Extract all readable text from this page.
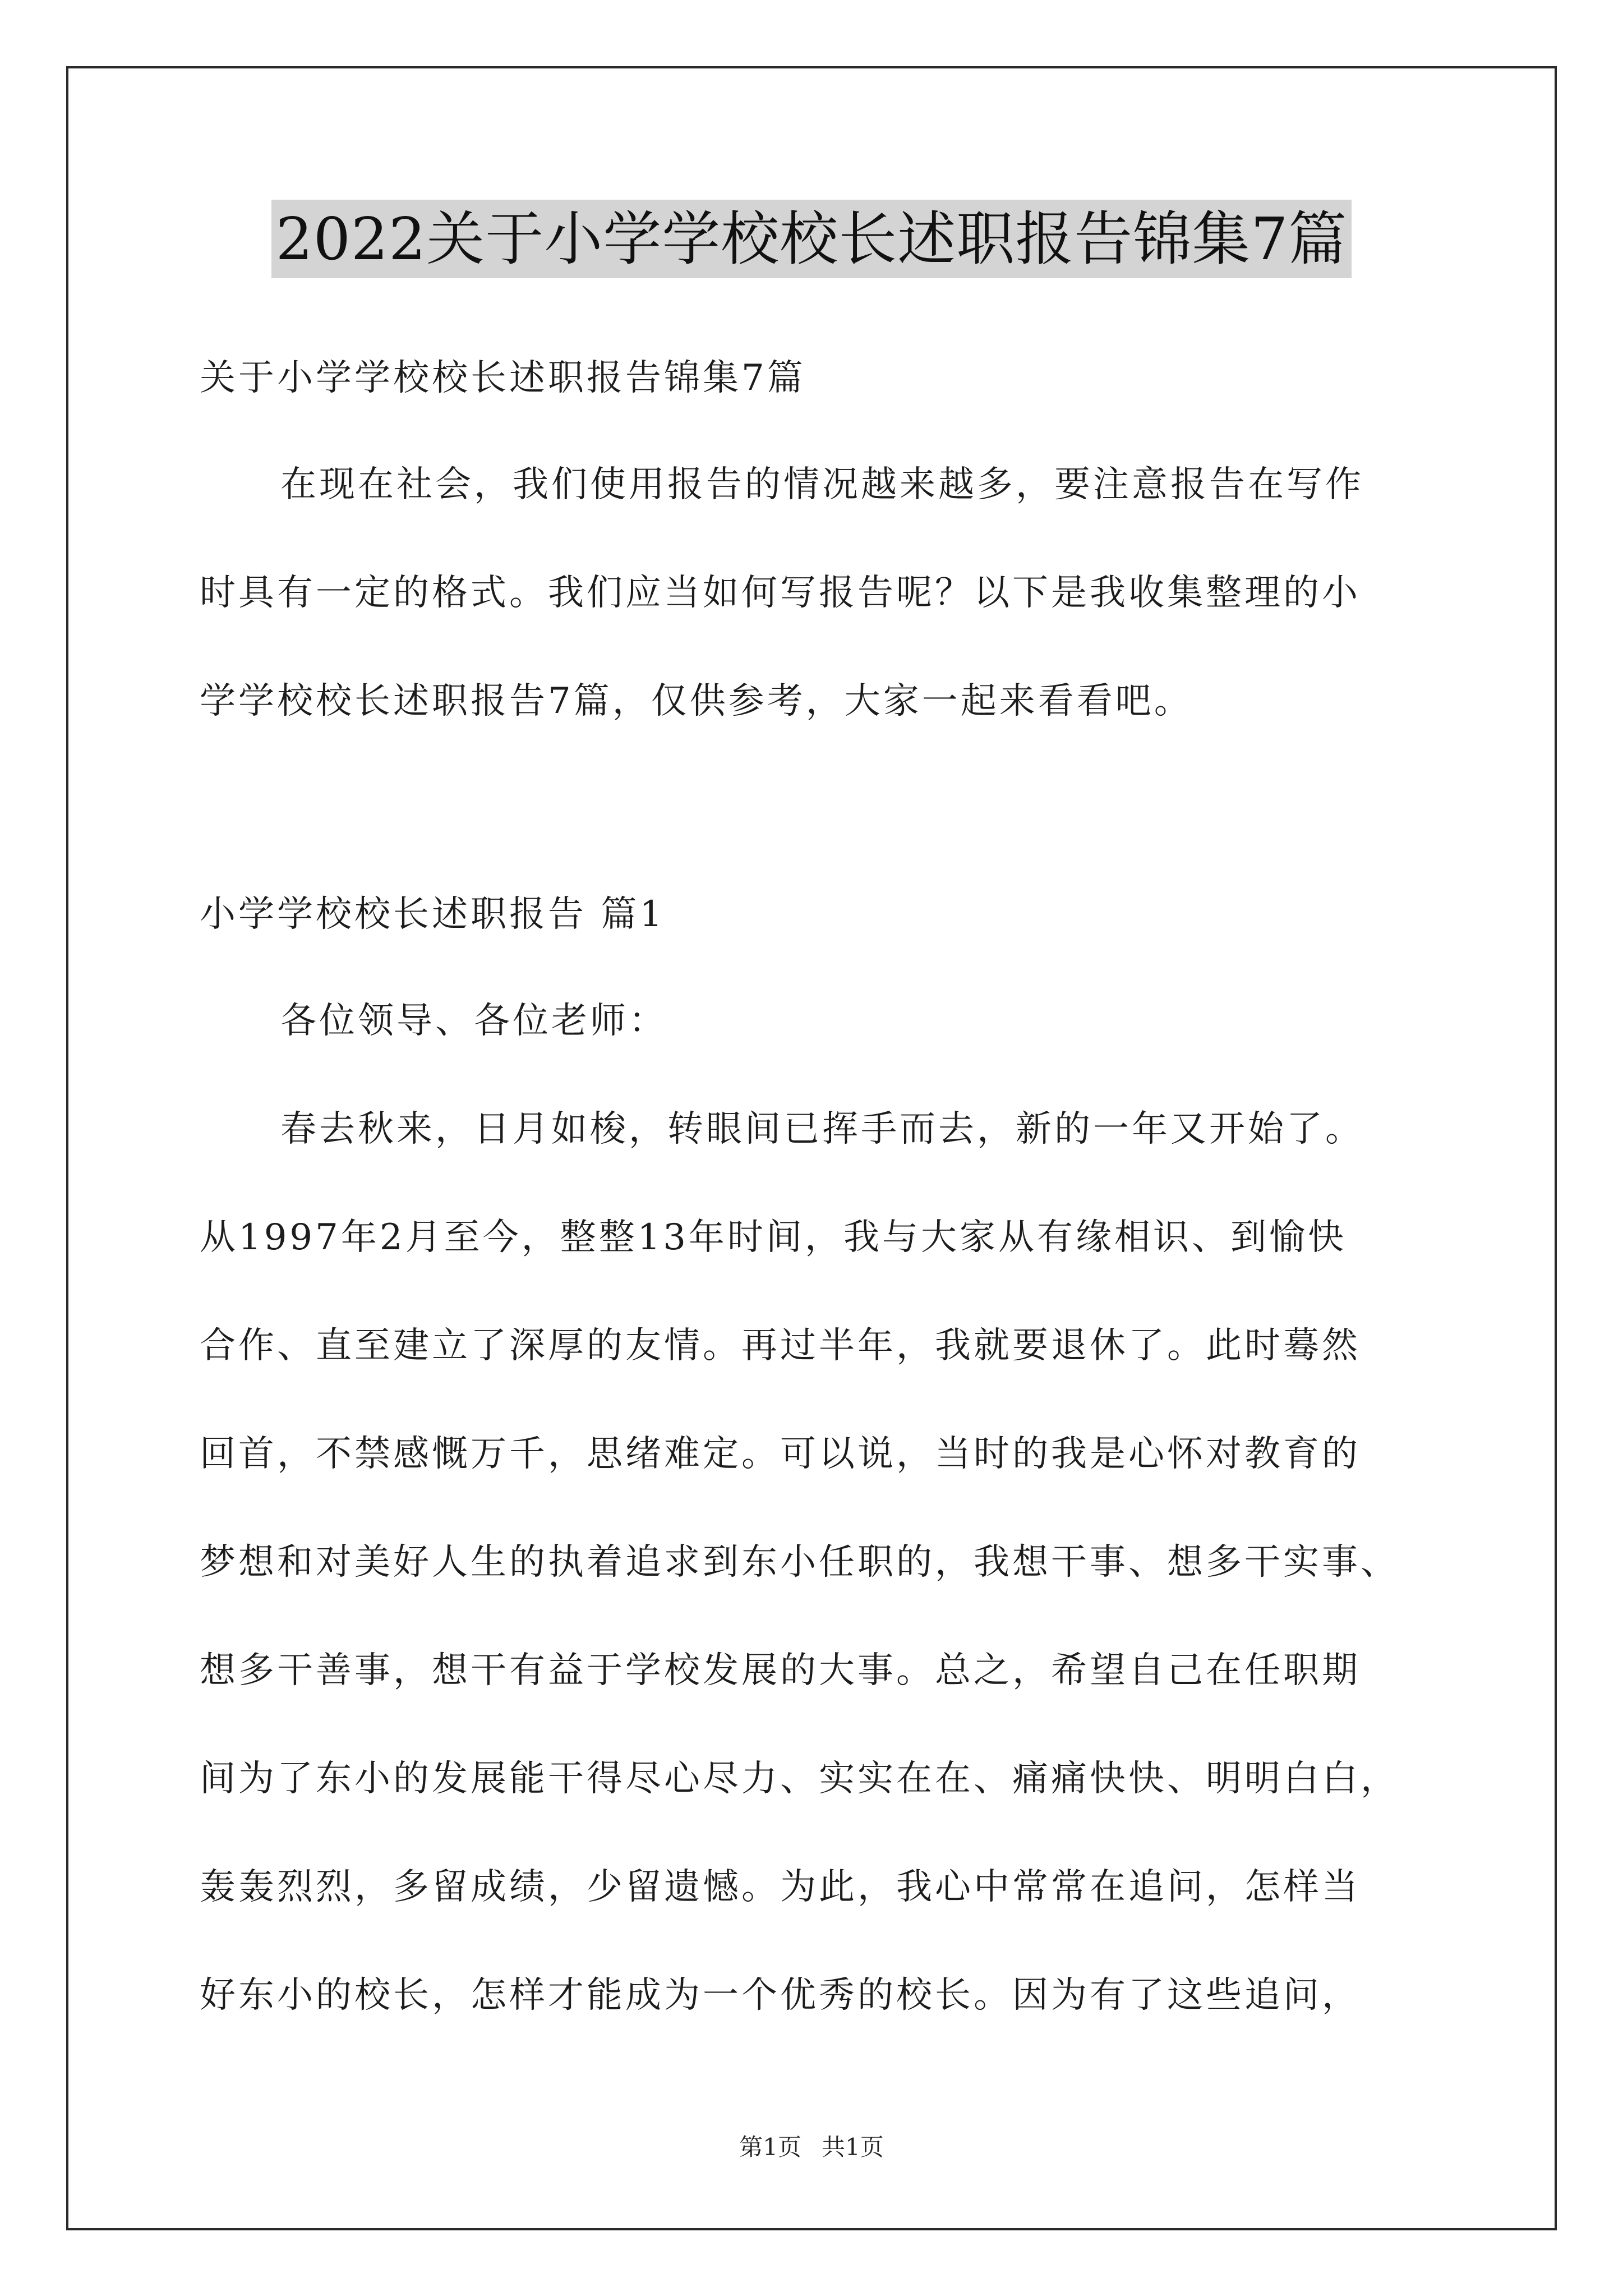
2022关于小学学校校长述职报告锦集7篇
关于小学学校校长述职报告锦集7篇
在现在社会，我们使用报告的情况越来越多，要注意报告在写作
时具有一定的格式。我们应当如何写报告呢？以下是我收集整理的小
学学校校长述职报告7篇，仅供参考，大家一起来看看吧。
小学学校校长述职报告 篇1
各位领导、各位老师：
春去秋来，日月如梭，转眼间已挥手而去，新的一年又开始了。
从1997年2月至今，整整13年时间，我与大家从有缘相识、到愉快
合作、直至建立了深厚的友情。再过半年，我就要退休了。此时蓦然
回首，不禁感慨万千，思绪难定。可以说，当时的我是心怀对教育的
梦想和对美好人生的执着追求到东小任职的，我想干事、想多干实事、
想多干善事，想干有益于学校发展的大事。总之，希望自己在任职期
间为了东小的发展能干得尽心尽力、实实在在、痛痛快快、明明白白，
轰轰烈烈，多留成绩，少留遗憾。为此，我心中常常在追问，怎样当
好东小的校长，怎样才能成为一个优秀的校长。因为有了这些追问，
第1页 共1页
